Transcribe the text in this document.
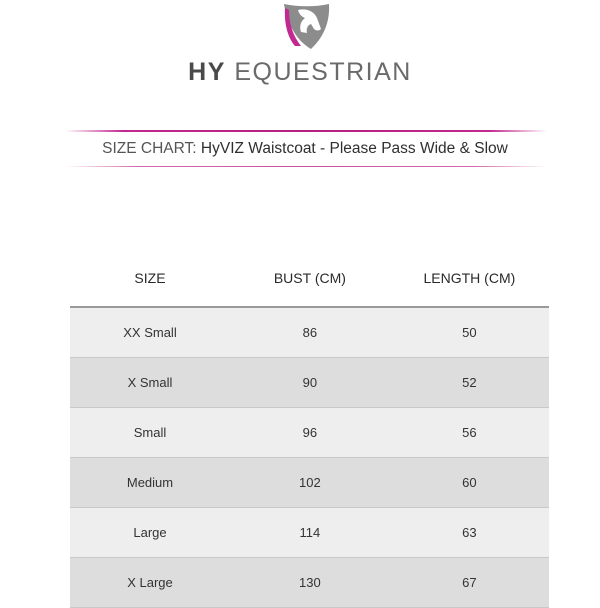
HY EQUESTRIAN
SIZE CHART: HyVIZ Waistcoat - Please Pass Wide & Slow
SIZE	BUST (CM)	LENGTH (CM)
XX Small	86	50
X Small	90	52
Small	96	56
Medium	102	60
Large	114	63
X Large	130	67
